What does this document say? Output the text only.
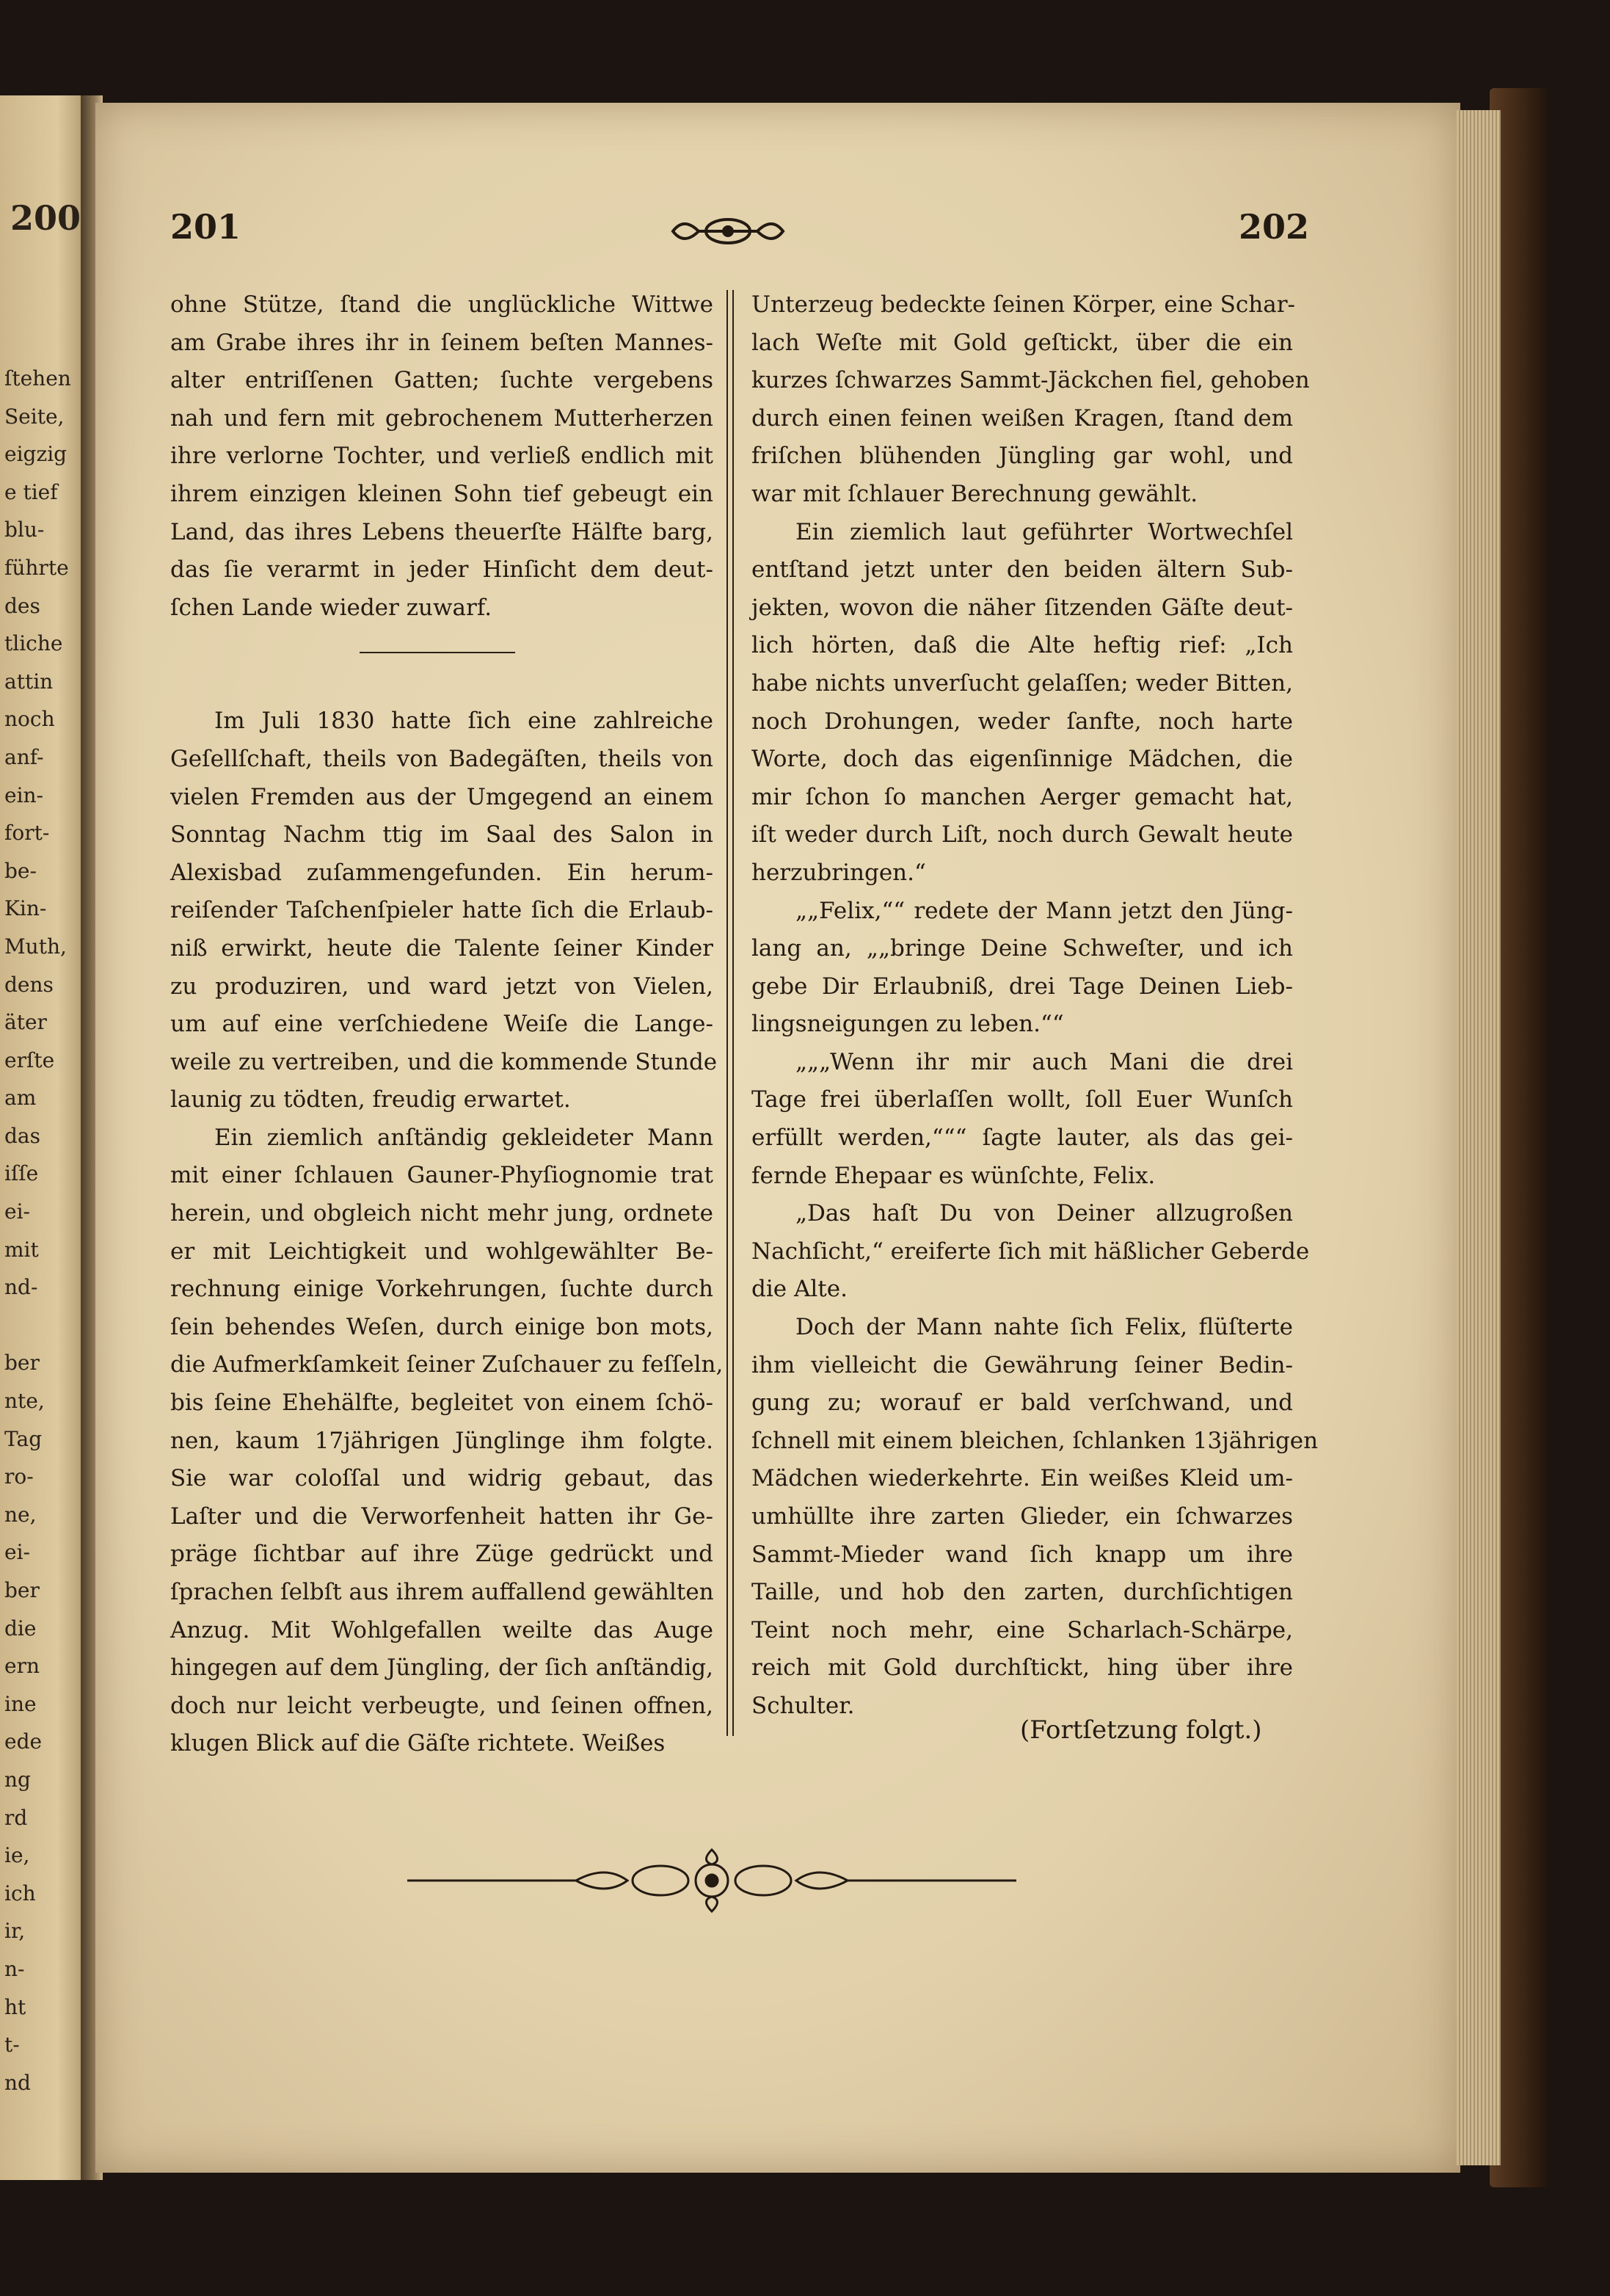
200
ſtehen
Seite,
eigzig
e tief
blu-
führte
des
tliche
attin
noch
anf-
ein-
fort-
be-
Kin-
Muth,
dens
äter
erſte
am
das
iſſe
ei-
mit
nd-

ber
nte,
Tag
ro-
ne,
ei-
ber
die
ern
ine
ede
ng
rd
ie,
ich
ir,
n-
ht
t-
nd
201	202
ohne Stütze, ſtand die unglückliche Wittwe
am Grabe ihres ihr in ſeinem beſten Mannes-
alter entriſſenen Gatten; ſuchte vergebens
nah und fern mit gebrochenem Mutterherzen
ihre verlorne Tochter, und verließ endlich mit
ihrem einzigen kleinen Sohn tief gebeugt ein
Land, das ihres Lebens theuerſte Hälfte barg,
das ſie verarmt in jeder Hinſicht dem deut-
ſchen Lande wieder zuwarf.
Im Juli 1830 hatte ſich eine zahlreiche
Geſellſchaft, theils von Badegäſten, theils von
vielen Fremden aus der Umgegend an einem
Sonntag Nachm ttig im Saal des Salon in
Alexisbad zuſammengefunden. Ein herum-
reiſender Taſchenſpieler hatte ſich die Erlaub-
niß erwirkt, heute die Talente ſeiner Kinder
zu produziren, und ward jetzt von Vielen,
um auf eine verſchiedene Weiſe die Lange-
weile zu vertreiben, und die kommende Stunde
launig zu tödten, freudig erwartet.
Ein ziemlich anſtändig gekleideter Mann
mit einer ſchlauen Gauner-Phyſiognomie trat
herein, und obgleich nicht mehr jung, ordnete
er mit Leichtigkeit und wohlgewählter Be-
rechnung einige Vorkehrungen, ſuchte durch
ſein behendes Weſen, durch einige bon mots,
die Aufmerkſamkeit ſeiner Zuſchauer zu feſſeln,
bis ſeine Ehehälfte, begleitet von einem ſchö-
nen, kaum 17jährigen Jünglinge ihm folgte.
Sie war coloſſal und widrig gebaut, das
Laſter und die Verworfenheit hatten ihr Ge-
präge ſichtbar auf ihre Züge gedrückt und
ſprachen ſelbſt aus ihrem auffallend gewählten
Anzug. Mit Wohlgefallen weilte das Auge
hingegen auf dem Jüngling, der ſich anſtändig,
doch nur leicht verbeugte, und ſeinen offnen,
klugen Blick auf die Gäſte richtete. Weißes
Unterzeug bedeckte ſeinen Körper, eine Schar-
lach Weſte mit Gold geſtickt, über die ein
kurzes ſchwarzes Sammt-Jäckchen fiel, gehoben
durch einen feinen weißen Kragen, ſtand dem
friſchen blühenden Jüngling gar wohl, und
war mit ſchlauer Berechnung gewählt.
Ein ziemlich laut geführter Wortwechſel
entſtand jetzt unter den beiden ältern Sub-
jekten, wovon die näher ſitzenden Gäſte deut-
lich hörten, daß die Alte heftig rief: „Ich
habe nichts unverſucht gelaſſen; weder Bitten,
noch Drohungen, weder ſanfte, noch harte
Worte, doch das eigenſinnige Mädchen, die
mir ſchon ſo manchen Aerger gemacht hat,
iſt weder durch Liſt, noch durch Gewalt heute
herzubringen.“
„„Felix,““ redete der Mann jetzt den Jüng-
lang an, „„bringe Deine Schweſter, und ich
gebe Dir Erlaubniß, drei Tage Deinen Lieb-
lingsneigungen zu leben.““
„„„Wenn ihr mir auch Mani die drei
Tage frei überlaſſen wollt, ſoll Euer Wunſch
erfüllt werden,“““ ſagte lauter, als das gei-
fernde Ehepaar es wünſchte, Felix.
„Das haſt Du von Deiner allzugroßen
Nachſicht,“ ereiferte ſich mit häßlicher Geberde
die Alte.
Doch der Mann nahte ſich Felix, flüſterte
ihm vielleicht die Gewährung ſeiner Bedin-
gung zu; worauf er bald verſchwand, und
ſchnell mit einem bleichen, ſchlanken 13jährigen
Mädchen wiederkehrte. Ein weißes Kleid um-
umhüllte ihre zarten Glieder, ein ſchwarzes
Sammt-Mieder wand ſich knapp um ihre
Taille, und hob den zarten, durchſichtigen
Teint noch mehr, eine Scharlach-Schärpe,
reich mit Gold durchſtickt, hing über ihre
Schulter.
(Fortſetzung folgt.)
